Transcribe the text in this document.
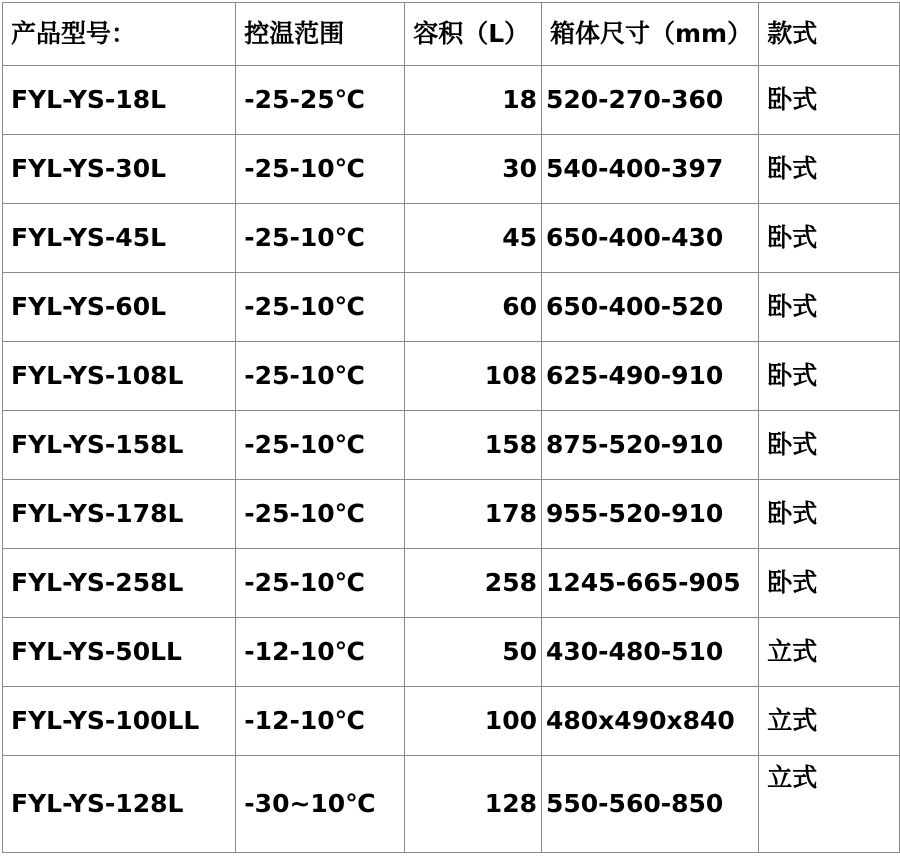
产品型号：	控温范围	容积（L）	箱体尺寸（mm）	款式
FYL-YS-18L	-25-25℃	18	520-270-360	卧式
FYL-YS-30L	-25-10℃	30	540-400-397	卧式
FYL-YS-45L	-25-10℃	45	650-400-430	卧式
FYL-YS-60L	-25-10℃	60	650-400-520	卧式
FYL-YS-108L	-25-10℃	108	625-490-910	卧式
FYL-YS-158L	-25-10℃	158	875-520-910	卧式
FYL-YS-178L	-25-10℃	178	955-520-910	卧式
FYL-YS-258L	-25-10℃	258	1245-665-905	卧式
FYL-YS-50LL	-12-10℃	50	430-480-510	立式
FYL-YS-100LL	-12-10℃	100	480x490x840	立式
FYL-YS-128L	-30~10℃	128	550-560-850	立式
